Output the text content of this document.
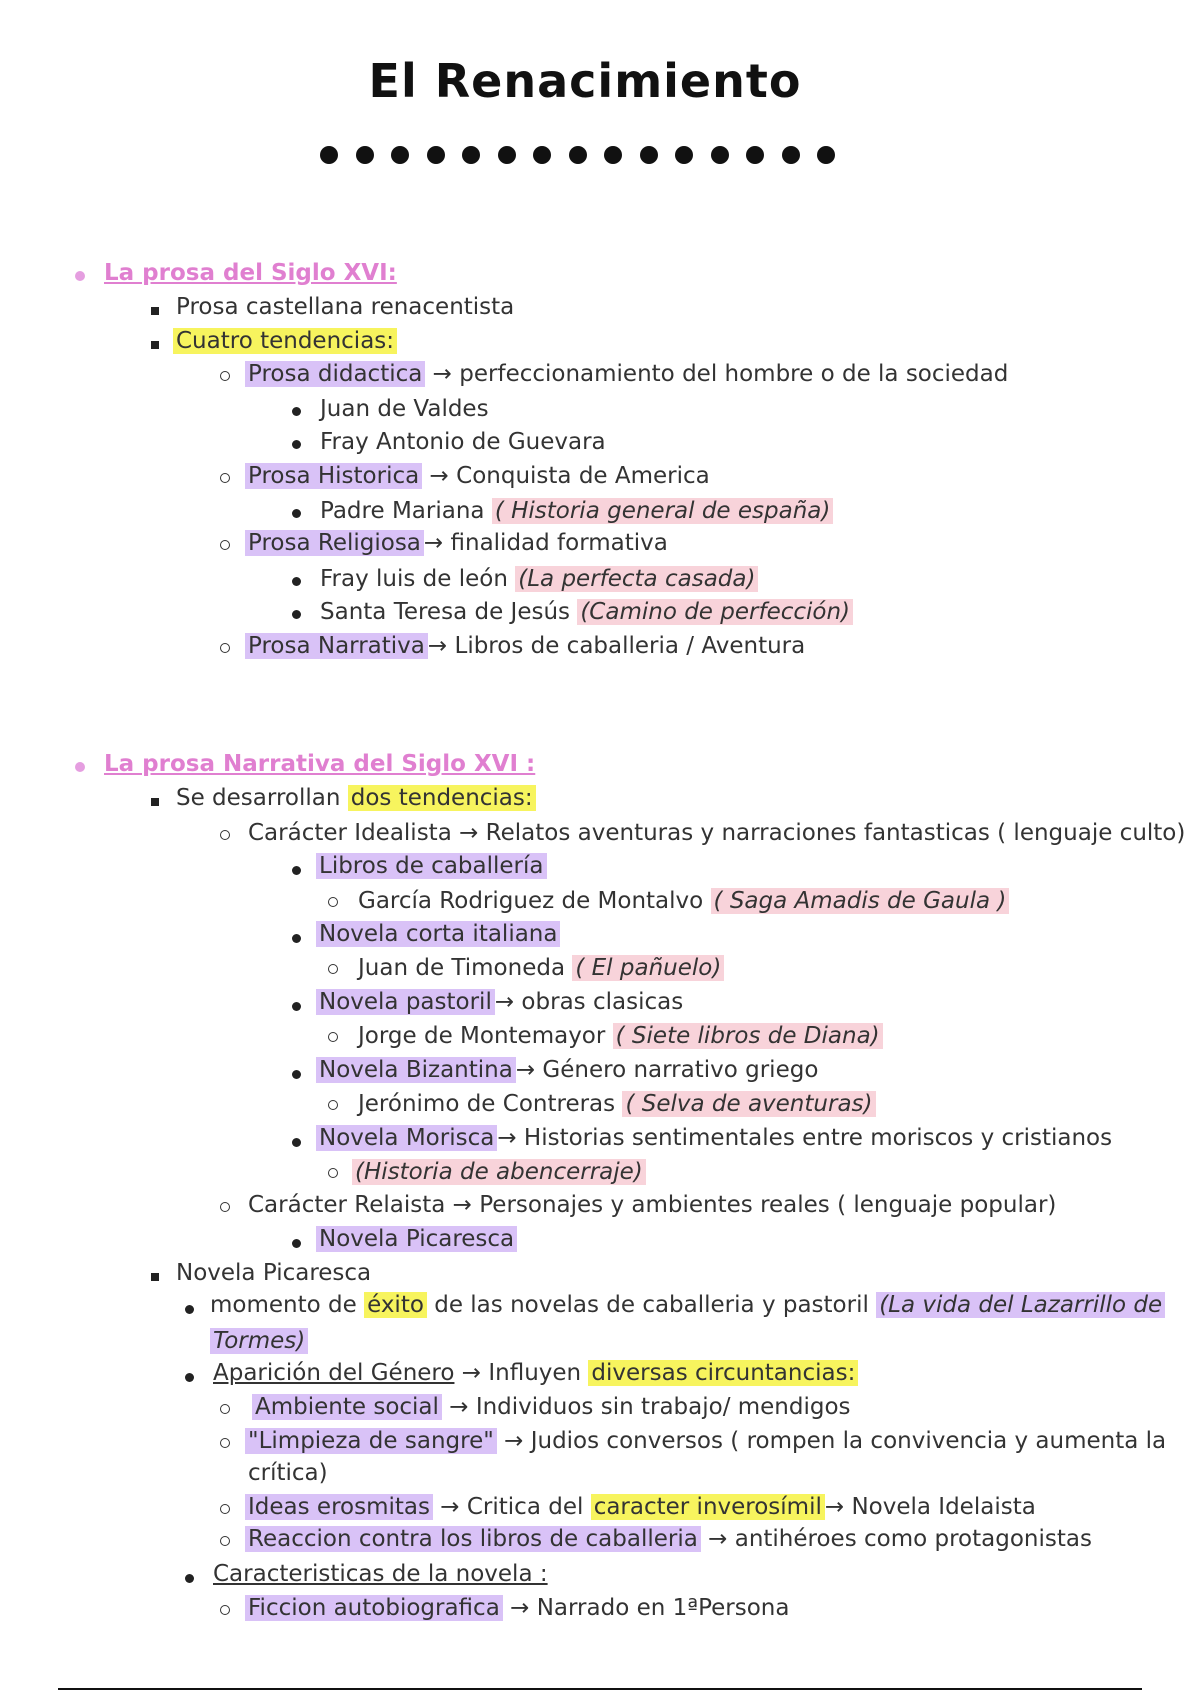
El Renacimiento
La prosa del Siglo XVI:
Prosa castellana renacentista
Cuatro tendencias:
Prosa didactica → perfeccionamiento del hombre o de la sociedad
Juan de Valdes
Fray Antonio de Guevara
Prosa Historica → Conquista de America
Padre Mariana ( Historia general de españa)
Prosa Religiosa → finalidad formativa
Fray luis de león (La perfecta casada)
Santa Teresa de Jesús (Camino de perfección)
Prosa Narrativa → Libros de caballeria / Aventura
La prosa Narrativa del Siglo XVI :
Se desarrollan dos tendencias:
Carácter Idealista → Relatos aventuras y narraciones fantasticas ( lenguaje culto)
Libros de caballería
García Rodriguez de Montalvo ( Saga Amadis de Gaula )
Novela corta italiana
Juan de Timoneda ( El pañuelo)
Novela pastoril → obras clasicas
Jorge de Montemayor ( Siete libros de Diana)
Novela Bizantina → Género narrativo griego
Jerónimo de Contreras ( Selva de aventuras)
Novela Morisca → Historias sentimentales entre moriscos y cristianos
(Historia de abencerraje)
Carácter Relaista → Personajes y ambientes reales ( lenguaje popular)
Novela Picaresca
Novela Picaresca
momento de éxito de las novelas de caballeria y pastoril (La vida del Lazarrillo de
Tormes)
Aparición del Género → Influyen diversas circuntancias:
Ambiente social → Individuos sin trabajo/ mendigos
"Limpieza de sangre" → Judios conversos ( rompen la convivencia y aumenta la
crítica)
Ideas erosmitas → Critica del caracter inverosímil → Novela Idelaista
Reaccion contra los libros de caballeria → antihéroes como protagonistas
Caracteristicas de la novela :
Ficcion autobiografica → Narrado en 1ªPersona
